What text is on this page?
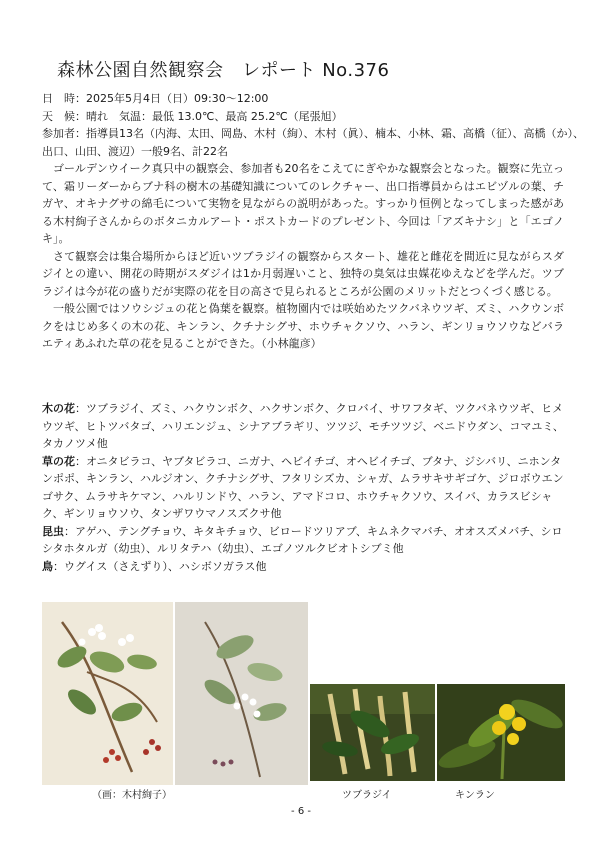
森林公園自然観察会　レポート No.376
日　時：2025年5月4日（日）09:30〜12:00
天　候：晴れ　気温：最低 13.0℃、最高 25.2℃（尾張旭）
参加者：指導員13名（内海、太田、岡島、木村（絢）、木村（眞）、楠本、小林、霜、高橋（征）、高橋（か）、
出口、山田、渡辺）一般9名、計22名

ゴールデンウイーク真只中の観察会、参加者も20名をこえてにぎやかな観察会となった。観察に先立って、霜リーダーからブナ科の樹木の基礎知識についてのレクチャー、出口指導員からはエビヅルの葉、チガヤ、オキナグサの綿毛について実物を見ながらの説明があった。すっかり恒例となってしまった感がある木村絢子さんからのボタニカルアート・ポストカードのプレゼント、今回は「アズキナシ」と「エゴノキ」。

さて観察会は集合場所からほど近いツブラジイの観察からスタート、雄花と雌花を間近に見ながらスダジイとの違い、開花の時期がスダジイは1か月弱遅いこと、独特の臭気は虫媒花ゆえなどを学んだ。ツブラジイは今が花の盛りだが実際の花を目の高さで見られるところが公園のメリットだとつくづく感じる。

一般公園ではソウシジュの花と偽葉を観察。植物園内では咲始めたツクバネウツギ、ズミ、ハクウンボクをはじめ多くの木の花、キンラン、クチナシグサ、ホウチャクソウ、ハラン、ギンリョウソウなどバラエティあふれた草の花を見ることができた。（小林龍彦）

木の花：ツブラジイ、ズミ、ハクウンボク、ハクサンボク、クロバイ、サワフタギ、ツクバネウツギ、ヒメウツギ、ヒトツバタゴ、ハリエンジュ、シナアブラギリ、ツツジ、モチツツジ、ベニドウダン、コマユミ、タカノツメ他

草の花：オニタビラコ、ヤブタビラコ、ニガナ、ヘビイチゴ、オヘビイチゴ、ブタナ、ジシバリ、ニホンタンポポ、キンラン、ハルジオン、クチナシグサ、フタリシズカ、シャガ、ムラサキサギゴケ、ジロボウエンゴサク、ムラサキケマン、ハルリンドウ、ハラン、アマドコロ、ホウチャクソウ、スイバ、カラスビシャク、ギンリョウソウ、タンザワウマノスズクサ他

昆虫：アゲハ、テングチョウ、キタキチョウ、ビロードツリアブ、キムネクマバチ、オオスズメバチ、シロシタホタルガ（幼虫）、ルリタテハ（幼虫）、エゴノツルクビオトシブミ他

鳥：ウグイス（さえずり）、ハシボソガラス他

（画：木村絢子）	ツブラジイ	キンラン
- 6 -
